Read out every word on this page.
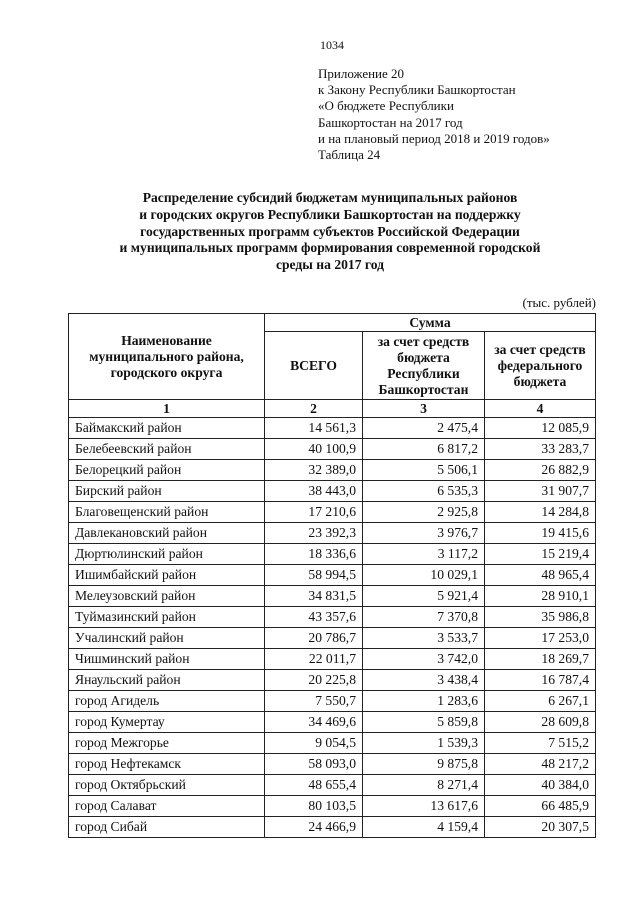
1034
Приложение 20
к Закону Республики Башкортостан
«О бюджете Республики
Башкортостан на 2017 год
и на плановый период 2018 и 2019 годов»
Таблица 24
Распределение субсидий бюджетам муниципальных районов
и городских округов Республики Башкортостан на поддержку
государственных программ субъектов Российской Федерации
и муниципальных программ формирования современной городской
среды на 2017 год
(тыс. рублей)
Наименование муниципального района, городского округа	Сумма		
	ВСЕГО	за счет средств бюджета Республики Башкортостан	за счет средств федерального бюджета
1	2	3	4
Баймакский район	14 561,3	2 475,4	12 085,9
Белебеевский район	40 100,9	6 817,2	33 283,7
Белорецкий район	32 389,0	5 506,1	26 882,9
Бирский район	38 443,0	6 535,3	31 907,7
Благовещенский район	17 210,6	2 925,8	14 284,8
Давлекановский район	23 392,3	3 976,7	19 415,6
Дюртюлинский район	18 336,6	3 117,2	15 219,4
Ишимбайский район	58 994,5	10 029,1	48 965,4
Мелеузовский район	34 831,5	5 921,4	28 910,1
Туймазинский район	43 357,6	7 370,8	35 986,8
Учалинский район	20 786,7	3 533,7	17 253,0
Чишминский район	22 011,7	3 742,0	18 269,7
Янаульский район	20 225,8	3 438,4	16 787,4
город Агидель	7 550,7	1 283,6	6 267,1
город Кумертау	34 469,6	5 859,8	28 609,8
город Межгорье	9 054,5	1 539,3	7 515,2
город Нефтекамск	58 093,0	9 875,8	48 217,2
город Октябрьский	48 655,4	8 271,4	40 384,0
город Салават	80 103,5	13 617,6	66 485,9
город Сибай	24 466,9	4 159,4	20 307,5
